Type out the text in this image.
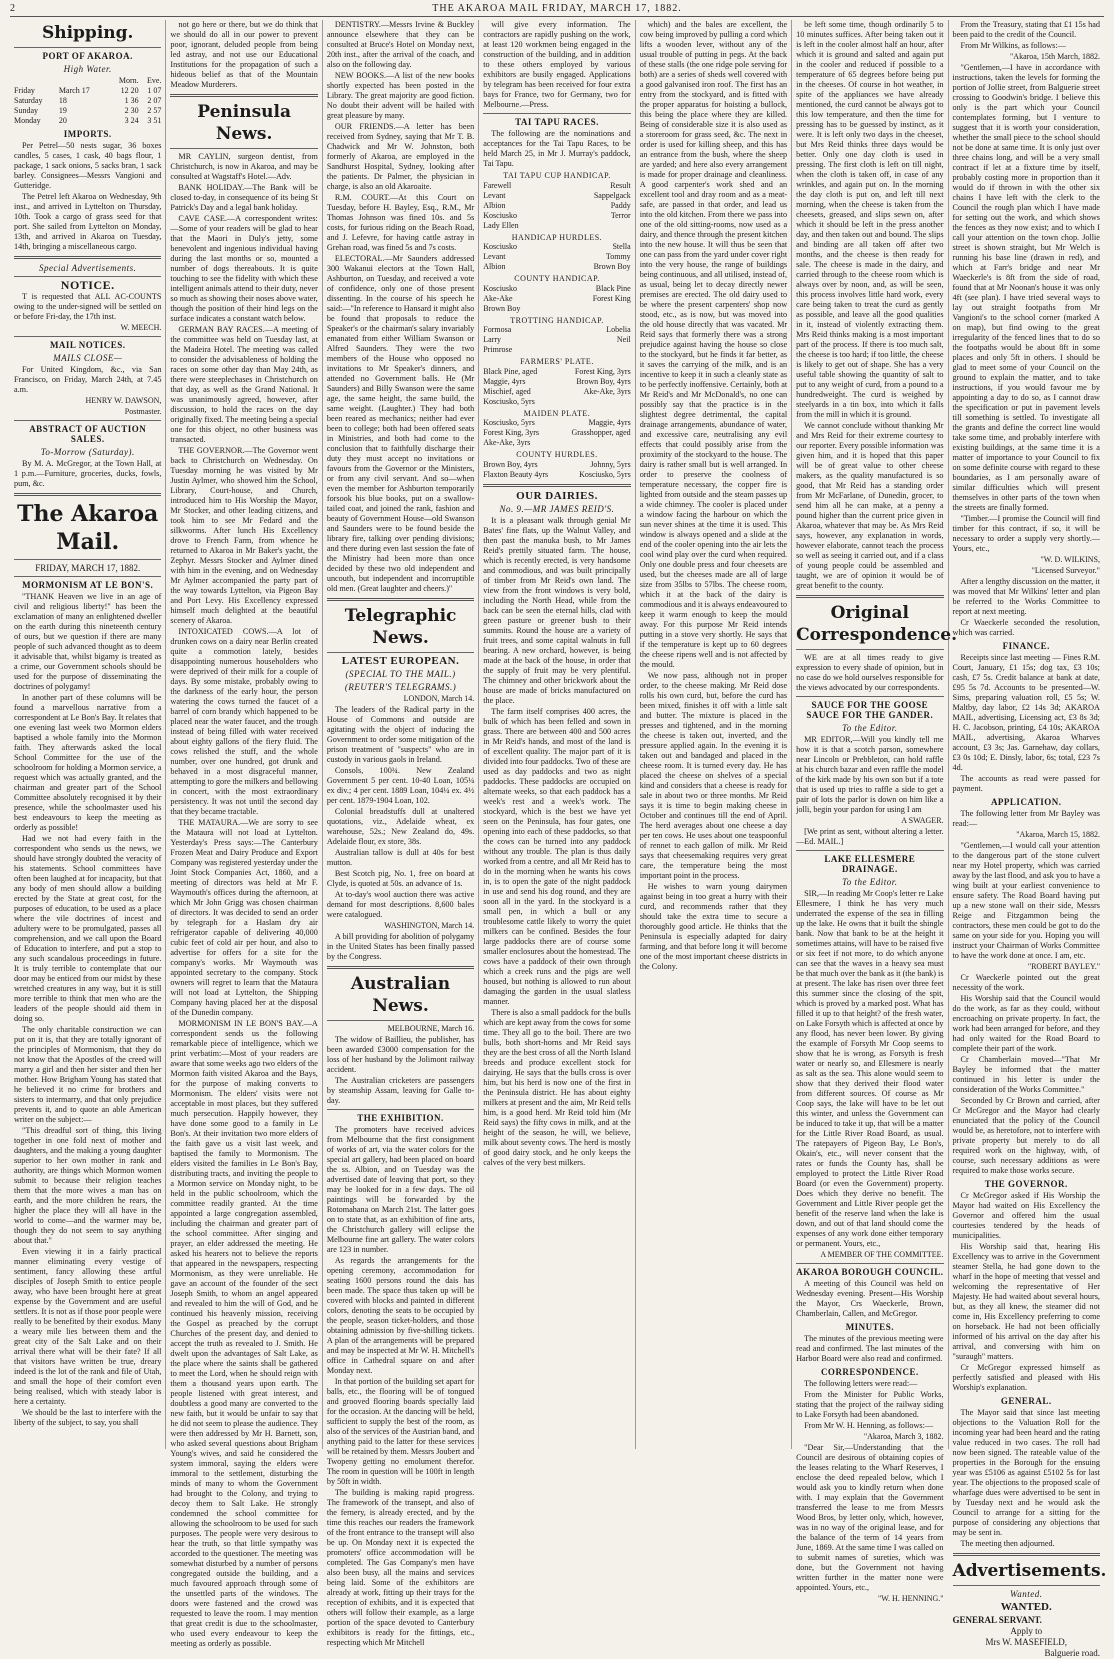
2	THE AKAROA MAIL FRIDAY, MARCH 17, 1882.
Shipping.
PORT OF AKAROA.
High Water.
		Morn.	Eve.
Friday	March 17	12 20	1 07
Saturday	18	1 36	2 07
Sunday	19	2 30	2 57
Monday	20	3 24	3 51
IMPORTS.

Per Petrel—50 nests sugar, 36 boxes candles, 5 cases, 1 cask, 40 bags flour, 1 package, 1 sack onions, 5 sacks bran, 1 sack barley. Consignees—Messrs Vangioni and Gutteridge.

The Petrel left Akaroa on Wednesday, 9th inst., and arrived in Lyttelton on Thursday, 10th. Took a cargo of grass seed for that port. She sailed from Lyttelton on Monday, 13th, and arrived in Akaroa on Tuesday, 14th, bringing a miscellaneous cargo.

Special Advertisements.
NOTICE.

T is requested that ALL AC-COUNTS owing to the under-signed will be settled on or before Fri-day, the 17th inst.

W. MEECH.
MAIL NOTICES.
MAILS CLOSE—

For United Kingdom, &c., via San Francisco, on Friday, March 24th, at 7.45 a.m.

HENRY W. DAWSON,
Postmaster.
ABSTRACT OF AUCTION SALES.
To-Morrow (Saturday).

By M. A. McGregor, at the Town Hall, at 1 p.m.—Furniture, groceries, ducks, fowls, pum, &c.

The Akaroa Mail.
FRIDAY, MARCH 17, 1882.
MORMONISM AT LE BON'S.

"THANK Heaven we live in an age of civil and religious liberty!" has been the exclamation of many an enlightened dweller on the earth during this nineteenth century of ours, but we question if there are many people of such advanced thought as to deem it advisable that, whilst bigamy is treated as a crime, our Government schools should be used for the purpose of disseminating the doctrines of polygamy!

In another part of these columns will be found a marvellous narrative from a correspondent at Le Bon's Bay. It relates that one evening last week two Mormon elders baptised a whole family into the Mormon faith. They afterwards asked the local School Committee for the use of the schoolroom for holding a Mormon service, a request which was actually granted, and the chairman and greater part of the School Committee absolutely recognised it by their presence, while the schoolmaster used his best endeavours to keep the meeting as orderly as possible!

Had we not had every faith in the correspondent who sends us the news, we should have strongly doubted the veracity of his statements. School committees have often been laughed at for incapacity, but that any body of men should allow a building erected by the State at great cost, for the purposes of education, to be used as a place where the vile doctrines of incest and adultery were to be promulgated, passes all comprehension, and we call upon the Board of Education to interfere, and put a stop to any such scandalous proceedings in future. It is truly terrible to contemplate that our door may be enticed from our midst by these wretched creatures in any way, but it is still more terrible to think that men who are the leaders of the people should aid them in doing so.

The only charitable construction we can put on it is, that they are totally ignorant of the principles of Mormonism, that they do not know that the Apostles of the creed will marry a girl and then her sister and then her mother. How Brigham Young has stated that he believed it no crime for brothers and sisters to intermarry, and that only prejudice prevents it, and to quote an able American writer on the subject:—

"This dreadful sort of thing, this living together in one fold next of mother and daughters, and the making a young daughter superior to her own mother in rank and authority, are things which Mormon women submit to because their religion teaches them that the more wives a man has on earth, and the more children he rears, the higher the place they will all have in the world to come—and the warmer may be, though they do not seem to say anything about that."

Even viewing it in a fairly practical manner eliminating every vestige of sentiment, fancy allowing these artful disciples of Joseph Smith to entice people away, who have been brought here at great expense by the Government and are useful settlers. It is not as if those poor people were really to be benefited by their exodus. Many a weary mile lies between them and the great city of the Salt Lake and on their arrival there what will be their fate? If all that visitors have written be true, dreary indeed is the lot of the rank and file of Utah, and small the hope of their comfort even being realised, which with steady labor is here a certainty.

We should be the last to interfere with the liberty of the subject, to say, you shall

not go here or there, but we do think that we should do all in our power to prevent poor, ignorant, deluded people from being led astray, and not use our Educational Institutions for the propagation of such a hideous belief as that of the Mountain Meadow Murderers.

Peninsula News.

MR CAYLIN, surgeon dentist, from Christchurch, is now in Akaroa, and may be consulted at Wagstaff's Hotel.—Adv.

BANK HOLIDAY.—The Bank will be closed to-day, in consequence of its being St Patrick's Day and a legal bank holiday.

CAVE CASE.—A correspondent writes:—Some of your readers will be glad to hear that the Maori in Duly's jetty, some benevolent and ingenious individual having during the last months or so, mounted a number of dogs thereabouts. It is quite touching to see the fidelity with which these intelligent animals attend to their duty, never so much as showing their noses above water, though the position of their hind legs on the surface indicates a constant watch below.

GERMAN BAY RACES.—A meeting of the committee was held on Tuesday last, at the Madeira Hotel. The meeting was called to consider the advisableness of holding the races on some other day than May 24th, as there were steeplechases in Christchurch on that day, as well as the Grand National. It was unanimously agreed, however, after discussion, to hold the races on the day originally fixed. The meeting being a special one for this object, no other business was transacted.

THE GOVERNOR.—The Governor went back to Christchurch on Wednesday. On Tuesday morning he was visited by Mr Justin Aylmer, who showed him the School, Library, Court-house, and Church, introduced him to His Worship the Mayor, Mr Stocker, and other leading citizens, and took him to see Mr Fedard and the silkworms. After lunch His Excellency drove to French Farm, from whence he returned to Akaroa in Mr Baker's yacht, the Zephyr. Messrs Stocker and Aylmer dined with him in the evening, and on Wednesday Mr Aylmer accompanied the party part of the way towards Lyttelton, via Pigeon Bay and Port Levy. His Excellency expressed himself much delighted at the beautiful scenery of Akaroa.

INTOXICATED COWS.—A lot of drunken cows on a dairy near Berlin created quite a commotion lately, besides disappointing numerous householders who were deprived of their milk for a couple of days. By some mistake, probably owing to the darkness of the early hour, the person watering the cows turned the faucet of a barrel of corn brandy which happened to be placed near the water faucet, and the trough instead of being filled with water received about eighty gallons of the fiery fluid. The cows relished the stuff, and the whole number, over one hundred, got drunk and behaved in a most disgraceful manner, attempting to gore the milkers and bellowing in concert, with the most extraordinary persistency. It was not until the second day that they became tractable.

THE MATAURA.—We are sorry to see the Mataura will not load at Lyttelton. Yesterday's Press says:—The Canterbury Frozen Meat and Dairy Produce and Export Company was registered yesterday under the Joint Stock Companies Act, 1860, and a meeting of directors was held at Mr F. Waymouth's offices during the afternoon, at which Mr John Grigg was chosen chairman of directors. It was decided to send an order by telegraph for a Haslam dry air refrigerator capable of delivering 40,000 cubic feet of cold air per hour, and also to advertise for offers for a site for the company's works. Mr Waymouth was appointed secretary to the company. Stock owners will regret to learn that the Mataura will not load at Lyttelton, the Shipping Company having placed her at the disposal of the Dunedin company.

MORMONISM IN LE BON'S BAY.—A correspondent sends us the following remarkable piece of intelligence, which we print verbatim:—Most of your readers are aware that some weeks ago two elders of the Mormon faith visited Akaroa and the Bays, for the purpose of making converts to Mormonism. The elders' visits were not acceptable in most places, but they suffered much persecution. Happily however, they have done some good to a family in Le Bon's. At their invitation two more elders of the faith gave us a visit last week, and baptised the family to Mormonism. The elders visited the families in Le Bon's Bay, distributing tracts, and inviting the people to a Mormon service on Monday night, to be held in the public schoolroom, which the committee readily granted. At the time appointed a large congregation assembled, including the chairman and greater part of the school committee. After singing and prayer, an elder addressed the meeting. He asked his hearers not to believe the reports that appeared in the newspapers, respecting Mormonism, as they were unreliable. He gave an account of the founder of the sect Joseph Smith, to whom an angel appeared and revealed to him the will of God, and he continued his heavenly mission, receiving the Gospel as preached by the corrupt Churches of the present day, and denied to accept the truth as revealed to J. Smith. He dwelt upon the advantages of Salt Lake, as the place where the saints shall be gathered to meet the Lord, when he should reign with them a thousand years upon earth. The people listened with great interest, and doubtless a good many are converted to the new faith, but it would be unfair to say that he did not seem to please the audience. They were then addressed by Mr H. Barnett, son, who asked several questions about Brigham Young's wives, and said he considered the system immoral, saying the elders were immoral to the settlement, disturbing the minds of many to whom the Government had brought to the Colony, and trying to decoy them to Salt Lake. He strongly condemned the school committee for allowing the schoolroom to be used for such purposes. The people were very desirous to hear the truth, so that little sympathy was accorded to the questioner. The meeting was somewhat disturbed by a number of persons congregated outside the building, and a much favoured approach through some of the unsettled parts of the windows. The doors were fastened and the crowd was requested to leave the room. I may mention that great credit is due to the schoolmaster, who used every endeavour to keep the meeting as orderly as possible.

DENTISTRY.—Messrs Irvine & Buckley announce elsewhere that they can be consulted at Bruce's Hotel on Monday next, 20th inst., after the arrival of the coach, and also on the following day.

NEW BOOKS.—A list of the new books shortly expected has been posted in the Library. The great majority are good fiction. No doubt their advent will be hailed with great pleasure by many.

OUR FRIENDS.—A letter has been received from Sydney, saying that Mr T. B. Chadwick and Mr W. Johnston, both formerly of Akaroa, are employed in the Sandhurst Hospital, Sydney, looking after the patients. Dr Palmer, the physician in charge, is also an old Akaroaite.

R.M. COURT.—At this Court on Tuesday, before H. Bayley, Esq., R.M., Mr Thomas Johnson was fined 10s. and 5s costs, for furious riding on the Beach Road, and J. Lefevre, for having cattle astray in Grehan road, was fined 5s and 7s costs.

ELECTORAL.—Mr Saunders addressed 300 Wakanui electors at the Town Hall, Ashburton, on Tuesday, and received a vote of confidence, only one of those present dissenting. In the course of his speech he said:—"In reference to Hansard it might also be found that proposals to reduce the Speaker's or the chairman's salary invariably emanated from either William Swanson or Alfred Saunders. They were the two members of the House who opposed no invitations to Mr Speaker's dinners, and attended no Government balls. He (Mr Saunders) and Billy Swanson were the same age, the same height, the same build, the same weight. (Laughter.) They had both been reared as mechanics; neither had ever been to college; both had been offered seats in Ministries, and both had come to the conclusion that to faithfully discharge their duty they must accept no invitations or favours from the Governor or the Ministers, or from any civil servant. And so—when even the member for Ashburton temporarily forsook his blue books, put on a swallow-tailed coat, and joined the rank, fashion and beauty of Government House—old Swanson and Saunders were to be found beside the library fire, talking over pending divisions; and there during even last session the fate of the Ministry had been more than once decided by these two old independent and uncouth, but independent and incorruptible old men. (Great laughter and cheers.)"

Telegraphic News.
LATEST EUROPEAN.
(SPECIAL TO THE MAIL.)
(REUTER'S TELEGRAMS.)
LONDON, March 14.

The leaders of the Radical party in the House of Commons and outside are agitating with the object of inducing the Government to order some mitigation of the prison treatment of "suspects" who are in custody in various gaols in Ireland.

Consols, 100¾. New Zealand Government 5 per cent. 10-40 Loan, 105¼ ex div.; 4 per cent. 1889 Loan, 104¼ ex. 4½ per cent. 1879-1904 Loan, 102.

Colonial breadstuffs dull at unaltered quotations, viz., Adelaide wheat, ex warehouse, 52s.; New Zealand do, 49s. Adelaide flour, ex store, 38s.

Australian tallow is dull at 40s for best mutton.

Best Scotch pig, No. 1, free on board at Clyde, is quoted at 50s. an advance of 1s.

At to-day's wool auction there was active demand for most descriptions. 8,600 bales were catalogued.

WASHINGTON, March 14.

A bill providing for abolition of polygamy in the United States has been finally passed by the Congress.

Australian News.
MELBOURNE, March 16.

The widow of Baillieu, the publisher, has been awarded £3000 compensation for the loss of her husband by the Jolimont railway accident.

The Australian cricketers are passengers by steamship Assam, leaving for Galle to-day.

THE EXHIBITION.

The promoters have received advices from Melbourne that the first consignment of works of art, via the water colors for the special art gallery, had been placed on board the ss. Albion, and on Tuesday was the advertised date of leaving that port, so they may be looked for in a few days. The oil paintings will be forwarded by the Rotomahana on March 21st. The latter goes on to state that, as an exhibition of fine arts, the Christchurch gallery will eclipse the Melbourne fine art gallery. The water colors are 123 in number.

As regards the arrangements for the opening ceremony, accommodation for seating 1600 persons round the dais has been made. The space thus taken up will be covered with blocks and painted in different colors, denoting the seats to be occupied by the people, season ticket-holders, and those obtaining admission by five-shilling tickets. A plan of the arrangements will be prepared and may be inspected at Mr W. H. Mitchell's office in Cathedral square on and after Monday next.

In that portion of the building set apart for balls, etc., the flooring will be of tongued and grooved flooring boards specially laid for the occasion. At the dancing will be held, sufficient to supply the best of the room, as also of the services of the Austrian band, and anything paid to the latter for these services will be retained by them. Messrs Joubert and Twopeny getting no emolument therefor. The room in question will be 100ft in length by 50ft in width.

The building is making rapid progress. The framework of the transept, and also of the fernery, is already erected, and by the time this reaches our readers the framework of the front entrance to the transept will also be up. On Monday next it is expected the promoters' office accommodation will be completed. The Gas Company's men have also been busy, all the mains and services being laid. Some of the exhibitors are already at work, fitting up their trays for the reception of exhibits, and it is expected that others will follow their example, as a large portion of the space devoted to Canterbury exhibitors is ready for the fittings, etc., respecting which Mr Mitchell

will give every information. The contractors are rapidly pushing on the work, at least 120 workmen being engaged in the construction of the building, and in addition to these others employed by various exhibitors are busily engaged. Applications by telegram has been received for four extra bays for France, two for Germany, two for Melbourne.—Press.

TAI TAPU RACES.

The following are the nominations and acceptances for the Tai Tapu Races, to be held March 25, in Mr J. Murray's paddock, Tai Tapu.

TAI TAPU CUP HANDICAP.
Farewell	Result
Levant	Sappelgack
Albion	Paddy
Kosciusko	Terror
Lady Ellen
HANDICAP HURDLES.
Kosciusko	Stella
Levant	Tommy
Albion	Brown Boy
COUNTY HANDICAP.
Kosciusko	Black Pine
Ake-Ake	Forest King
Brown Boy
TROTTING HANDICAP.
Formosa	Lobelia
Larry	Neil
Primrose
FARMERS' PLATE.
Black Pine, aged	Forest King, 3yrs
Maggie, 4yrs	Brown Boy, 4yrs
Mischief, aged	Ake-Ake, 3yrs
Kosciusko, 5yrs
MAIDEN PLATE.
Kosciusko, 5yrs	Maggie, 4yrs
Forest King, 3yrs	Grasshopper, aged
Ake-Ake, 3yrs
COUNTY HURDLES.
Brown Boy, 4yrs	Johnny, 5yrs
Flaxton Beauty 4yrs	Kosciusko, 5yrs
OUR DAIRIES.
No. 9.—MR JAMES REID'S.

It is a pleasant walk through genial Mr Bates' fine flats, up the Walnut Valley, and then past the manuka bush, to Mr James Reid's prettily situated farm. The house, which is recently erected, is very handsome and commodious, and was built principally of timber from Mr Reid's own land. The view from the front windows is very bold, including the North Head, while from the back can be seen the eternal hills, clad with green pasture or greener bush to their summits. Round the house are a variety of fruit trees, and some capital walnuts in full bearing. A new orchard, however, is being made at the back of the house, in order that the supply of fruit may be very plentiful. The chimney and other brickwork about the house are made of bricks manufactured on the place.

The farm itself comprises 400 acres, the bulk of which has been felled and sown in grass. There are between 400 and 500 acres in Mr Reid's hands, and most of the land is of excellent quality. The major part of it is divided into four paddocks. Two of these are used as day paddocks and two as night paddocks. These paddocks are occupied on alternate weeks, so that each paddock has a week's rest and a week's work. The stockyard, which is the best we have yet seen on the Peninsula, has four gates, one opening into each of these paddocks, so that the cows can be turned into any paddock without any trouble. The plan is thus daily worked from a centre, and all Mr Reid has to do in the morning when he wants his cows in, is to open the gate of the night paddock in use and send his dog round, and they are soon all in the yard. In the stockyard is a small pen, in which a bull or any troublesome cattle likely to worry the quiet milkers can be confined. Besides the four large paddocks there are of course some smaller enclosures about the homestead. The cows have a paddock of their own through which a creek runs and the pigs are well housed, but nothing is allowed to run about damaging the garden in the usual slatless manner.

There is also a small paddock for the bulls which are kept away from the cows for some time. They all go to the boil. There are two bulls, both short-horns and Mr Reid says they are the best cross of all the North Island breeds and produce excellent stock for dairying. He says that the bulls cross is over him, but his herd is now one of the first in the Peninsula district. He has about eighty milkers at present and the aim, Mr Reid tells him, is a good herd. Mr Reid told him (Mr Reid says) the fifty cows in milk, and at the height of the season, he will, we believe, milk about seventy cows. The herd is mostly of good dairy stock, and he only keeps the calves of the very best milkers.

which) and the bales are excellent, the cow being improved by pulling a cord which lifts a wooden lever, without any of the usual trouble of putting in pegs. At the back of these stalls (the one ridge pole serving for both) are a series of sheds well covered with a good galvanised iron roof. The first has an entry from the stockyard, and is fitted with the proper apparatus for hoisting a bullock, this being the place where they are killed. Being of considerable size it is also used as a storeroom for grass seed, &c. The next in order is used for killing sheep, and this has an entrance from the bush, where the sheep are yarded; and here also every arrangement is made for proper drainage and cleanliness. A good carpenter's work shed and an excellent tool and dray room and as a meat-safe, are passed in that order, and lead us into the old kitchen. From there we pass into one of the old sitting-rooms, now used as a dairy, and thence through the present kitchen into the new house. It will thus be seen that one can pass from the yard under cover right into the very house, the range of buildings being continuous, and all utilised, instead of, as usual, being let to decay directly newer premises are erected. The old dairy used to be where the present carpenters' shop now stood, etc., as is now, but was moved into the old house directly that was vacated. Mr Reid says that formerly there was a strong prejudice against having the house so close to the stockyard, but he finds it far better, as it saves the carrying of the milk, and is an incentive to keep it in such a cleanly state as to be perfectly inoffensive. Certainly, both at Mr Reid's and Mr McDonald's, no one can possibly say that the practice is in the slightest degree detrimental, the capital drainage arrangements, abundance of water, and excessive care, neutralising any evil effects that could possibly arise from the proximity of the stockyard to the house. The dairy is rather small but is well arranged. In order to preserve the coolness of temperature necessary, the copper fire is lighted from outside and the steam passes up a wide chimney. The cooler is placed under a window facing the harbour on which the sun never shines at the time it is used. This window is always opened and a slide at the end of the cooler opening into the air lets the cool wind play over the curd when required. Only one double press and four cheesets are used, but the cheeses made are all of large size from 35lbs to 57lbs. The cheese room, which it at the back of the dairy is commodious and it is always endeavoured to keep it warm enough to keep the mould away. For this purpose Mr Reid intends putting in a stove very shortly. He says that if the temperature is kept up to 60 degrees the cheese ripens well and is not affected by the mould.

We now pass, although not in proper order, to the cheese making. Mr Reid dose rolls his own curd, but, before the curd has been mixed, finishes it off with a little salt and butter. The mixture is placed in the presses and tightened, and in the morning the cheese is taken out, inverted, and the pressure applied again. In the evening it is taken out and bandaged and placed in the cheese room. It is turned every day. He has placed the cheese on shelves of a special kind and considers that a cheese is ready for sale in about two or three months. Mr Reid says it is time to begin making cheese in October and continues till the end of April. The herd averages about one cheese a day per ten cows. He uses about one teaspoonful of rennet to each gallon of milk. Mr Reid says that cheesemaking requires very great care, the temperature being the most important point in the process.

He wishes to warn young dairymen against being in too great a hurry with their curd, and recommends rather that they should take the extra time to secure a thoroughly good article. He thinks that the Peninsula is especially adapted for dairy farming, and that before long it will become one of the most important cheese districts in the Colony.

be left some time, though ordinarily 5 to 10 minutes suffices. After being taken out it is left in the cooler almost half an hour, after which it is ground and salted and again put in the cooler and reduced if possible to a temperature of 65 degrees before being put in the cheeses. Of course in hot weather, in spite of the appliances we have already mentioned, the curd cannot be always got to this low temperature, and then the time for pressing has to be guessed by instinct, as it were. It is left only two days in the cheeset, but Mrs Reid thinks three days would be better. Only one day cloth is used in pressing. The first cloth is left on till night, when the cloth is taken off, in case of any wrinkles, and again put on. In the morning the day cloth is put on, and left till next morning, when the cheese is taken from the cheesets, greased, and slips sewn on, after which it should be left in the press another day, and then taken out and bound. The slips and binding are all taken off after two months, and the cheese is then ready for sale. The cheese is made in the dairy, and carried through to the cheese room which is always over by noon, and, as will be seen, this process involves little hard work, every care being taken to treat the curd as gently as possible, and leave all the good qualities in it, instead of violently extracting them. Mrs Reid thinks making is a most important part of the process. If there is too much salt, the cheese is too hard; if too little, the cheese is likely to get out of shape. She has a very useful table showing the quantity of salt to put to any weight of curd, from a pound to a hundredweight. The curd is weighed by steelyards in a tin box, into which it falls from the mill in which it is ground.

We cannot conclude without thanking Mr and Mrs Reid for their extreme courtesy to our reporter. Every possible information was given him, and it is hoped that this paper will be of great value to other cheese makers, as the quality manufactured is so good, that Mr Reid has a standing order from Mr McFarlane, of Dunedin, grocer, to send him all he can make, at a penny a pound higher than the current price given in Akaroa, whatever that may be. As Mrs Reid says, however, any explanation in words, however elaborate, cannot teach the process so well as seeing it carried out, and if a class of young people could be assembled and taught, we are of opinion it would be of great benefit to the county.

Original Correspondence.

WE are at all times ready to give expression to every shade of opinion, but in no case do we hold ourselves responsible for the views advocated by our correspondents.

SAUCE FOR THE GOOSE SAUCE FOR THE GANDER.
To the Editor.

MR EDITOR,—Will you kindly tell me how it is that a scotch parson, somewhere near Lincoln or Prebbleton, can hold raffle at his church bazar and even raffle the model of the kirk made by his own son but if a tote that is used up tries to raffle a side to get a pair of lots the parlor is down on him like a jolli, begin your pardon for using I am

A SWAGER.

[We print as sent, without altering a letter.—Ed. MAIL.]

LAKE ELLESMERE DRAINAGE.
To the Editor.

SIR,—In reading Mr Coop's letter re Lake Ellesmere, I think he has very much underrated the expense of the sea in filling up the lake. He owns that it built the shingle bank. Now that bank to be at the height it sometimes attains, will have to be raised five or six feet if not more, to do which anyone can see that the waves in a heavy sea must be that much over the bank as it (the bank) is at present. The lake has risen over three feet this summer since the closing of the spit, which is proved by a marked post. What has filled it up to that height? of the fresh water, on Lake Forsyth which is affected at once by any flood, has never been lower. By giving the example of Forsyth Mr Coop seems to show that he is wrong, as Forsyth is fresh water or nearly so, and Ellesmere is nearly as salt as the sea. This alone would seem to show that they derived their flood water from different sources. Of course as Mr Coop says, the lake will have to be let out this winter, and unless the Government can be induced to take it up, that will be a matter for the Little River Road Board, as usual. The ratepayers of Pigeon Bay, Le Bon's, Okain's, etc., will never consent that the rates or funds the County has, shall be employed to protect the Little River Road Board (or even the Government) property. Does which they derive no benefit. The Government and Little River people get the benefit of the reserve land when the lake is down, and out of that land should come the expenses of any work done either temporary or permanent. Yours, etc.,

A MEMBER OF THE COMMITTEE.
AKAROA BOROUGH COUNCIL.

A meeting of this Council was held on Wednesday evening. Present—His Worship the Mayor, Crs Waeckerle, Brown, Chamberlain, Callen, and McGregor.

MINUTES.

The minutes of the previous meeting were read and confirmed. The last minutes of the Harbor Board were also read and confirmed.

CORRESPONDENCE.

The following letters were read:—

From the Minister for Public Works, stating that the project of the railway siding to Lake Forsyth had been abandoned.

From Mr W. H. Henning, as follows:—

"Akaroa, March 3, 1882.

"Dear Sir,—Understanding that the Council are desirous of obtaining copies of the leases relating to the Wharf Reserves, I enclose the deed repealed below, which I would ask you to kindly return when done with. I may explain that the Government transferred the lease to me from Messrs Wood Bros, by letter only, which, however, was in no way of the original lease, and for the balance of the term of 14 years from June, 1869. At the same time I was called on to submit names of sureties, which was done, but the Government not having written further in the matter none were appointed. Yours, etc.,

"W. H. HENNING."

From the Treasury, stating that £1 15s had been paid to the credit of the Council.

From Mr Wilkins, as follows:—

"Akaroa, 15th March, 1882.

"Gentlemen,—I have in accordance with instructions, taken the levels for forming the portion of Jollie street, from Balguerie street crossing to Goodwin's bridge. I believe this only is the part which your Council contemplates forming, but I venture to suggest that it is worth your consideration, whether the small piece to the school should not be done at same time. It is only just over three chains long, and will be a very small contract if let at a fixture time by itself, probably costing more in proportion than it would do if thrown in with the other six chains I have left with the clerk to the Council the rough plan which I have made for setting out the work, and which shows the fences as they now exist; and to which I call your attention on the town chop. Jollie street is shown straight, but Mr Welch is running his base line (drawn in red), and which at Farr's bridge and near Mr Waeckerle's is 8ft from the side of road, found that at Mr Noonan's house it was only 4ft (see plan). I have tried several ways to lay out straight footpaths from Mr Vangioni's to the school corner (marked A on map), but find owing to the great irregularity of the fenced lines that to do so the footpaths would be about 8ft in some places and only 5ft in others. I should be glad to meet some of your Council on the ground to explain the matter, and to take instructions, if you would favour me by appointing a day to do so, as I cannot draw the specification or put in pavement levels till something is settled. To investigate all the grants and define the correct line would take some time, and probably interfere with existing buildings, at the same time it is a matter of importance to your Council to fix on some definite course with regard to these boundaries, as I am personally aware of similar difficulties which will present themselves in other parts of the town when the streets are finally formed.

"Timber.—I promise the Council will find timber for this contract, if so, it will be necessary to order a supply very shortly.—Yours, etc.,

"W. D. WILKINS,
"Licensed Surveyor."

After a lengthy discussion on the matter, it was moved that Mr Wilkins' letter and plan be referred to the Works Committee to report at next meeting.

Cr Waeckerle seconded the resolution, which was carried.

FINANCE.

Receipts since last meeting — Fines R.M. Court, January, £1 15s; dog tax, £3 10s; cash, £7 5s. Credit balance at bank at date, £95 5s 7d. Accounts to be presented—W. Sims, preparing valuation roll, £5 5s; W. Maltby, day labor, £2 14s 3d; AKAROA MAIL, advertising, Licensing act, £3 8s 3d; H. C. Jacobson, printing, £4 10s; AKAROA MAIL, advertising, Akaroa Wharves account, £3 3s; Jas. Garnehaw, day collars, £3 0s 10d; E. Dinsly, labor, 6s; total, £23 7s 4d.

The accounts as read were passed for payment.

APPLICATION.

The following letter from Mr Bayley was read:—

"Akaroa, March 15, 1882.

"Gentlemen,—I would call your attention to the dangerous part of the stone culvert near my Hotel property, which was carried away by the last flood, and ask you to have a wing built at your earliest convenience to ensure safety. The Road Board having put up a new stone wall on their side, Messrs Reige and Fitzgammon being the contractors, these men could be got to do the same on your side for you. Hoping you will instruct your Chairman of Works Committee to have the work done at once. I am, etc.

"ROBERT BAYLEY."

Cr Waeckerle pointed out the great necessity of the work.

His Worship said that the Council would do the work, as far as they could, without encroaching on private property. In fact, the work had been arranged for before, and they had only waited for the Road Board to complete their part of the work.

Cr Chamberlain moved—"That Mr Bayley be informed that the matter continued in his letter is under the consideration of the Works Committee."

Seconded by Cr Brown and carried, after Cr McGregor and the Mayor had clearly enunciated that the policy of the Council would be, as heretofore, not to interfere with private property but merely to do all required work on the highway, with, of course, such necessary additions as were required to make those works secure.

THE GOVERNOR.

Cr McGregor asked if His Worship the Mayor had waited on His Excellency the Governor and offered him the usual courtesies tendered by the heads of municipalities.

His Worship said that, hearing His Excellency was to arrive in the Government steamer Stella, he had gone down to the wharf in the hope of meeting that vessel and welcoming the representative of Her Majesty. He had waited about several hours, but, as they all knew, the steamer did not come in, His Excellency preferring to come on horseback. He had not been officially informed of his arrival on the day after his arrival, and conversing with him on "suraugh" matters.

Cr McGregor expressed himself as perfectly satisfied and pleased with His Worship's explanation.

GENERAL.

The Mayor said that since last meeting objections to the Valuation Roll for the incoming year had been heard and the rating value reduced in two cases. The roll had now been signed. The rateable value of the properties in the Borough for the ensuing year was £5106 as against £5102 5s for last year. The objections to the proposed scale of wharfage dues were advertised to be sent in by Tuesday next and he would ask the Council to arrange for a sitting for the purpose of considering any objections that may be sent in.

The meeting then adjourned.

Advertisements.
Wanted.
WANTED.
GENERAL SERVANT.
Apply to
Mrs W. MASEFIELD,
Balguerie road.
